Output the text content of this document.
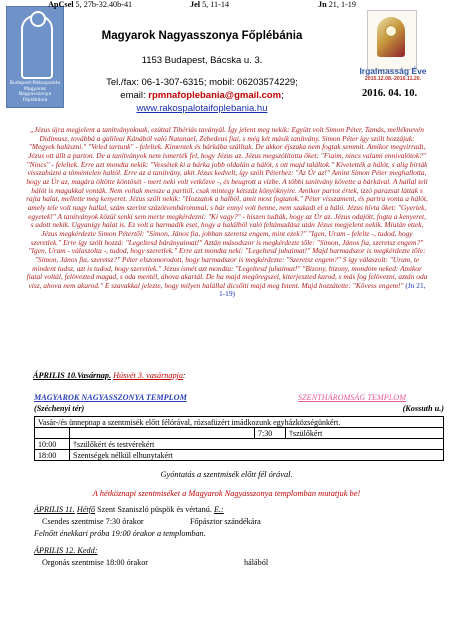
Budapest-Rákospalota Magyarok Nagyasszonya Főplébánia
Magyarok Nagyasszonya Főplébánia
1153 Budapest, Bácska u. 3.
Tel./fax: 06-1-307-6315; mobil: 06203574229;
email: rpmnafoplebania@gmail.com;
www.rakospalotaifoplebania.hu
Irgalmasság Éve
2015.12.08.-2016.11.20.
2016. 04. 10.

„Jézus újra megjelent a tanítványoknak, ezúttal Tibériás taványál. Így jelent meg nekik: Együtt volt Simon Péter, Tamás, melléknevén Didimusz, továbbá a galileai Kánából való Natanael, Zebedeus fiai, s még két másik tanítvány. Simon Péter így szólt hozzájuk: "Megyek halászni." "Veled tartunk" - feleltek. Kimentek és bárkába szálltak. De akkor éjszaka nem fogtak semmit. Amikor megvirradt, Jézus ott állt a parton. De a tanítványok nem ismerték fel, hogy Jézus az. Jézus megszólította őket: "Fiaim, nincs valami ennivalótok?" "Nincs" - feleltek. Erre azt mondta nekik: "Vessétek ki a bárka jobb oldalán a hálót, s ott majd találtok." Kivetették a hálót, s alig bírták visszahúzni a töméntelen haltól. Erre az a tanítvány, akit Jézus kedvelt, így szólt Péterhez: "Az Úr az!" Amint Simon Péter meghallotta, hogy az Úr az, magára öltötte köntösét - mert neki volt vetkőzve -, és beugrott a vízbe. A többi tanítvány követte a bárkával. A hallal teli hálót is magukkal vonták. Nem voltak messze a parttól, csak mintegy kétszáz könyöknyire. Amikor partot értek, izzó parazsat láttak s rajta halat, mellette meg kenyeret. Jézus szólt nekik: "Hozzatok a halból, amit most fogtatok." Péter visszament, és partra vonta a hálót, amely tele volt nagy hallal, szám szerint százötvenhárommal, s bár ennyi volt benne, nem szakadt el a háló. Jézus hívta őket: "Gyertek, egyetek!" A tanítványok közül senki sem merte megkérdezni: "Ki vagy?" - hiszen tudták, hogy az Úr az. Jézus odajött, fogta a kenyeret, s adott nekik. Ugyanígy halat is. Ez volt a harmadik eset, hogy a halálból való feltámadása után Jézus megjelent nekik. Miután ettek, Jézus megkérdezte Simon Pétertől: "Simon, János fia, jobban szeretsz engem, mint ezek?" "Igen, Uram - felelte -, tudod, hogy szeretlek." Erre így szólt hozzá: "Legeltesd bárányaimat!" Aztán másodszor is megkérdezte tőle: "Simon, János fia, szeretsz engem?" "Igen, Uram - válaszolta -, tudod, hogy szeretlek." Erre azt mondta neki: "Legeltesd juhaimat!" Majd harmadszor is megkérdezte tőle: "Simon, János fia, szeretsz?" Péter elszomorodott, hogy harmadszor is megkérdezte: "Szeretsz engem?" S így válaszolt: "Uram, te mindent tudsz, azt is tudod, hogy szeretlek." Jézus ismét azt mondta: "Legeltesd juhaimat!" "Bizony, bizony, mondom neked: Amikor fiatal voltál, felövezted magad, s oda mentél, ahova akartál. De ha majd megöregszel, kiterjeszted karod, s más fog felövezni, aztán oda visz, ahova nem akarod." E szavakkal jelezte, hogy milyen halállal dicsőíti majd meg Istent. Majd hozzátette: "Kövess engem!" (Jn 21, 1-19)

ÁPRILIS 10.Vasárnap. Húsvét 3. vasárnapja:
ApCsel 5, 27b-32.40b-41	Jel 5, 11-14	Jn 21, 1-19
MAGYAROK NAGYASSZONYA TEMPLOM	SZENTHÁROMSÁG TEMPLOM
(Széchenyi tér)	(Kossuth u.)
Vasár-/és ünnepnap a szentmisék előtt félórával, rózsafüzért imádkozunk egyházközségünkért.			
		7:30	†szülőkért
10:00	†szülőkért és testvérekért		
18:00	Szentségek nélkül elhunytakért		
Gyóntatás a szentmisék előtt fél órával.
A hétköznapi szentmiséket a Magyarok Nagyasszonya templomban mutatjuk be!
ÁPRILIS 11. Hétfő Szent Szaniszló püspök és vértanú. E.:
Csendes szentmise 7:30 órakor	Főpásztor szándékára
Felnőtt énekkari próba 19:00 órakor a templomban.
ÁPRILIS 12. Kedd:
Orgonás szentmise 18:00 órakor	hálából
